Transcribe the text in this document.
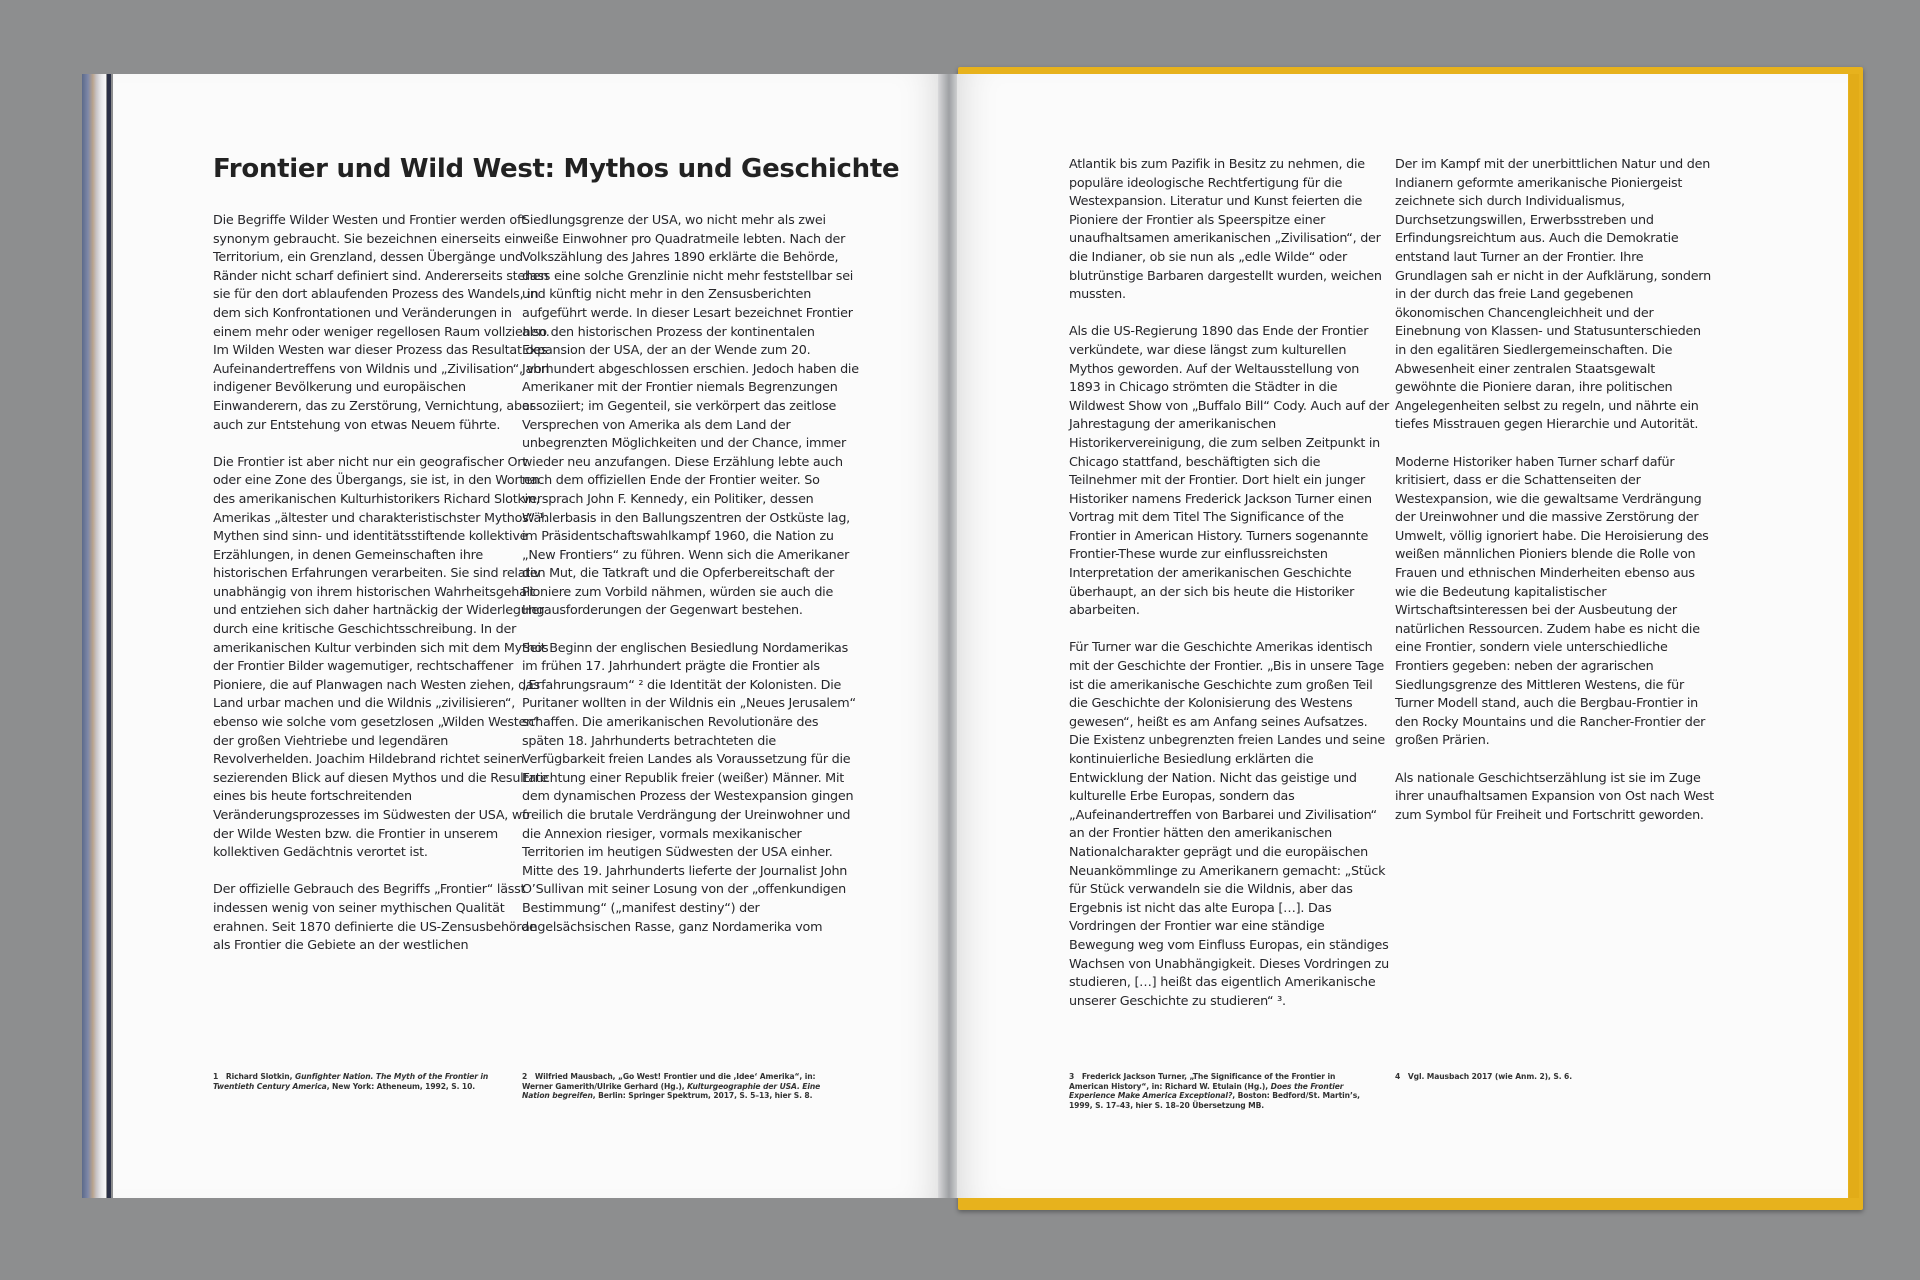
Frontier und Wild West: Mythos und Geschichte

Die Begriffe Wilder Westen und Frontier werden oft synonym gebraucht. Sie bezeichnen einerseits ein Territorium, ein Grenzland, dessen Übergänge und Ränder nicht scharf definiert sind. Andererseits stehen sie für den dort ablaufenden Prozess des Wandels, in dem sich Konfrontationen und Veränderungen in einem mehr oder weniger regellosen Raum vollziehen. Im Wilden Westen war dieser Prozess das Resultat des Aufeinandertreffens von Wildnis und „Zivilisation“, von indigener Bevölkerung und europäischen Einwanderern, das zu Zerstörung, Vernichtung, aber auch zur Entstehung von etwas Neuem führte.

Die Frontier ist aber nicht nur ein geografischer Ort oder eine Zone des Übergangs, sie ist, in den Worten des amerikanischen Kulturhistorikers Richard Slotkin, Amerikas „ältester und charakteristischster Mythos“ ¹. Mythen sind sinn- und identitätsstiftende kollektive Erzählungen, in denen Gemeinschaften ihre historischen Erfahrungen verarbeiten. Sie sind relativ unabhängig von ihrem historischen Wahrheitsgehalt und entziehen sich daher hartnäckig der Widerlegung durch eine kritische Geschichtsschreibung. In der amerikanischen Kultur verbinden sich mit dem Mythos der Frontier Bilder wagemutiger, rechtschaffener Pioniere, die auf Planwagen nach Westen ziehen, das Land urbar machen und die Wildnis „zivilisieren“, ebenso wie solche vom gesetzlosen „Wilden Westen“ der großen Viehtriebe und legendären Revolverhelden. Joachim Hildebrand richtet seinen sezierenden Blick auf diesen Mythos und die Resultate eines bis heute fortschreitenden Veränderungsprozesses im Südwesten der USA, wo der Wilde Westen bzw. die Frontier in unserem kollektiven Gedächtnis verortet ist.

Der offizielle Gebrauch des Begriffs „Frontier“ lässt indessen wenig von seiner mythischen Qualität erahnen. Seit 1870 definierte die US-Zensusbehörde als Frontier die Gebiete an der westlichen

Siedlungsgrenze der USA, wo nicht mehr als zwei weiße Einwohner pro Quadratmeile lebten. Nach der Volkszählung des Jahres 1890 erklärte die Behörde, dass eine solche Grenzlinie nicht mehr feststellbar sei und künftig nicht mehr in den Zensusberichten aufgeführt werde. In dieser Lesart bezeichnet Frontier also den historischen Prozess der kontinentalen Expansion der USA, der an der Wende zum 20. Jahrhundert abgeschlossen erschien. Jedoch haben die Amerikaner mit der Frontier niemals Begrenzungen assoziiert; im Gegenteil, sie verkörpert das zeitlose Versprechen von Amerika als dem Land der unbegrenzten Möglichkeiten und der Chance, immer wieder neu anzufangen. Diese Erzählung lebte auch nach dem offiziellen Ende der Frontier weiter. So versprach John F. Kennedy, ein Politiker, dessen Wählerbasis in den Ballungszentren der Ostküste lag, im Präsidentschaftswahlkampf 1960, die Nation zu „New Frontiers“ zu führen. Wenn sich die Amerikaner den Mut, die Tatkraft und die Opferbereitschaft der Pioniere zum Vorbild nähmen, würden sie auch die Herausforderungen der Gegenwart bestehen.

Seit Beginn der englischen Besiedlung Nordamerikas im frühen 17. Jahrhundert prägte die Frontier als „Erfahrungsraum“ ² die Identität der Kolonisten. Die Puritaner wollten in der Wildnis ein „Neues Jerusalem“ schaffen. Die amerikanischen Revolutionäre des späten 18. Jahrhunderts betrachteten die Verfügbarkeit freien Landes als Voraussetzung für die Errichtung einer Republik freier (weißer) Männer. Mit dem dynamischen Prozess der Westexpansion gingen freilich die brutale Verdrängung der Ureinwohner und die Annexion riesiger, vormals mexikanischer Territorien im heutigen Südwesten der USA einher. Mitte des 19. Jahrhunderts lieferte der Journalist John O’Sullivan mit seiner Losung von der „offenkundigen Bestimmung“ („manifest destiny“) der angelsächsischen Rasse, ganz Nordamerika vom

1 Richard Slotkin, Gunfighter Nation. The Myth of the Frontier in Twentieth Century America, New York: Atheneum, 1992, S. 10.
2 Wilfried Mausbach, „Go West! Frontier und die ,Idee‘ Amerika“, in: Werner Gamerith/Ulrike Gerhard (Hg.), Kulturgeographie der USA. Eine Nation begreifen, Berlin: Springer Spektrum, 2017, S. 5–13, hier S. 8.

Atlantik bis zum Pazifik in Besitz zu nehmen, die populäre ideologische Rechtfertigung für die Westexpansion. Literatur und Kunst feierten die Pioniere der Frontier als Speerspitze einer unaufhaltsamen amerikanischen „Zivilisation“, der die Indianer, ob sie nun als „edle Wilde“ oder blutrünstige Barbaren dargestellt wurden, weichen mussten.

Als die US-Regierung 1890 das Ende der Frontier verkündete, war diese längst zum kulturellen Mythos geworden. Auf der Weltausstellung von 1893 in Chicago strömten die Städter in die Wildwest Show von „Buffalo Bill“ Cody. Auch auf der Jahrestagung der amerikanischen Historikervereinigung, die zum selben Zeitpunkt in Chicago stattfand, beschäftigten sich die Teilnehmer mit der Frontier. Dort hielt ein junger Historiker namens Frederick Jackson Turner einen Vortrag mit dem Titel The Significance of the Frontier in American History. Turners sogenannte Frontier-These wurde zur einflussreichsten Interpretation der amerikanischen Geschichte überhaupt, an der sich bis heute die Historiker abarbeiten.

Für Turner war die Geschichte Amerikas identisch mit der Geschichte der Frontier. „Bis in unsere Tage ist die amerikanische Geschichte zum großen Teil die Geschichte der Kolonisierung des Westens gewesen“, heißt es am Anfang seines Aufsatzes. Die Existenz unbegrenzten freien Landes und seine kontinuierliche Besiedlung erklärten die Entwicklung der Nation. Nicht das geistige und kulturelle Erbe Europas, sondern das „Aufeinandertreffen von Barbarei und Zivilisation“ an der Frontier hätten den amerikanischen Nationalcharakter geprägt und die europäischen Neuankömmlinge zu Amerikanern gemacht: „Stück für Stück verwandeln sie die Wildnis, aber das Ergebnis ist nicht das alte Europa […]. Das Vordringen der Frontier war eine ständige Bewegung weg vom Einfluss Europas, ein ständiges Wachsen von Unabhängigkeit. Dieses Vordringen zu studieren, […] heißt das eigentlich Amerikanische unserer Geschichte zu studieren“ ³.

Der im Kampf mit der unerbittlichen Natur und den Indianern geformte amerikanische Pioniergeist zeichnete sich durch Individualismus, Durchsetzungswillen, Erwerbsstreben und Erfindungsreichtum aus. Auch die Demokratie entstand laut Turner an der Frontier. Ihre Grundlagen sah er nicht in der Aufklärung, sondern in der durch das freie Land gegebenen ökonomischen Chancengleichheit und der Einebnung von Klassen- und Statusunterschieden in den egalitären Siedlergemeinschaften. Die Abwesenheit einer zentralen Staatsgewalt gewöhnte die Pioniere daran, ihre politischen Angelegenheiten selbst zu regeln, und nährte ein tiefes Misstrauen gegen Hierarchie und Autorität.

Moderne Historiker haben Turner scharf dafür kritisiert, dass er die Schattenseiten der Westexpansion, wie die gewaltsame Verdrängung der Ureinwohner und die massive Zerstörung der Umwelt, völlig ignoriert habe. Die Heroisierung des weißen männlichen Pioniers blende die Rolle von Frauen und ethnischen Minderheiten ebenso aus wie die Bedeutung kapitalistischer Wirtschaftsinteressen bei der Ausbeutung der natürlichen Ressourcen. Zudem habe es nicht die eine Frontier, sondern viele unterschiedliche Frontiers gegeben: neben der agrarischen Siedlungsgrenze des Mittleren Westens, die für Turner Modell stand, auch die Bergbau-Frontier in den Rocky Mountains und die Rancher-Frontier der großen Prärien.

Als nationale Geschichtserzählung ist sie im Zuge ihrer unaufhaltsamen Expansion von Ost nach West zum Symbol für Freiheit und Fortschritt geworden.

3 Frederick Jackson Turner, „The Significance of the Frontier in American History“, in: Richard W. Etulain (Hg.), Does the Frontier Experience Make America Exceptional?, Boston: Bedford/St. Martin’s, 1999, S. 17–43, hier S. 18–20 Übersetzung MB.
4 Vgl. Mausbach 2017 (wie Anm. 2), S. 6.
